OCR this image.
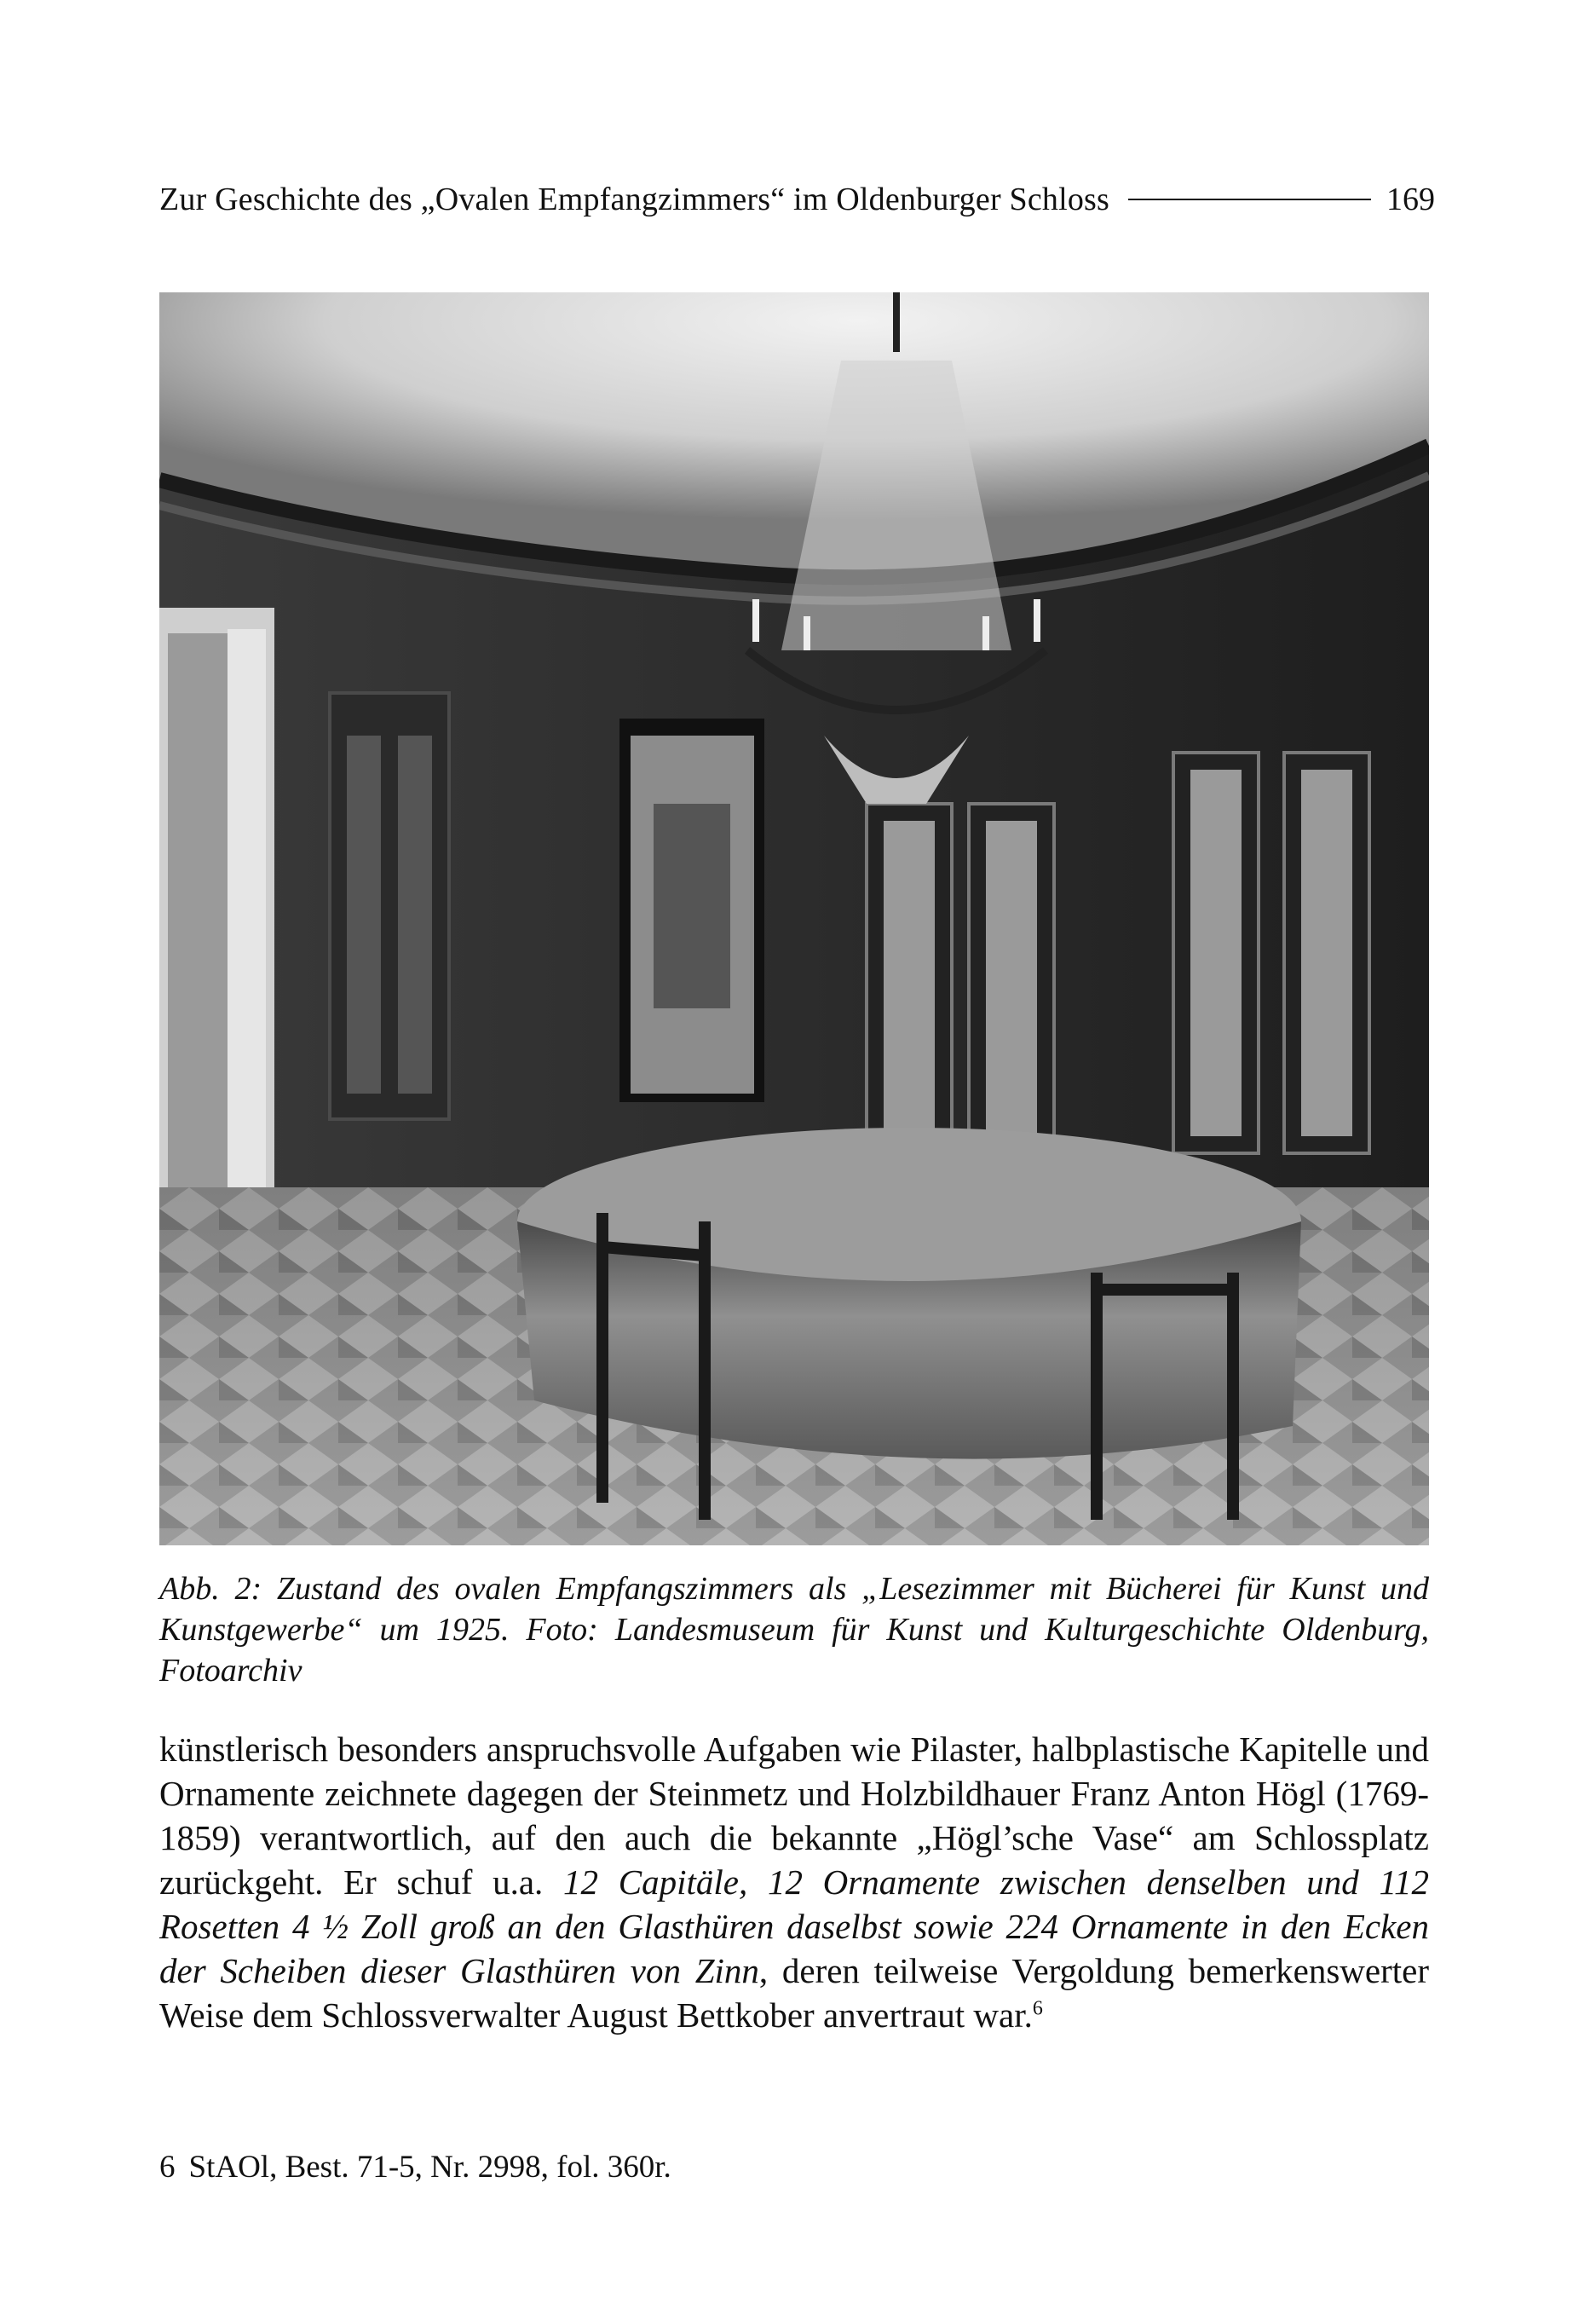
Zur Geschichte des „Ovalen Empfangzimmers“ im Oldenburger Schloss	169
Abb. 2: Zustand des ovalen Empfangszimmers als „Lesezimmer mit Bücherei für Kunst und Kunstgewerbe“ um 1925. Foto: Landesmuseum für Kunst und Kulturgeschichte Oldenburg, Fotoarchiv
künstlerisch besonders anspruchsvolle Aufgaben wie Pilaster, halbplastische Kapitelle und Ornamente zeichnete dagegen der Steinmetz und Holzbildhauer Franz Anton Högl (1769-1859) verantwortlich, auf den auch die bekannte „Högl’sche Vase“ am Schlossplatz zurückgeht. Er schuf u.a. 12 Capitäle, 12 Ornamente zwischen denselben und 112 Rosetten 4 ½ Zoll groß an den Glasthüren daselbst sowie 224 Ornamente in den Ecken der Scheiben dieser Glasthüren von Zinn, deren teilweise Vergoldung bemerkenswerter Weise dem Schlossverwalter August Bettkober anvertraut war.$^6$
6 StAOl, Best. 71-5, Nr. 2998, fol. 360r.
